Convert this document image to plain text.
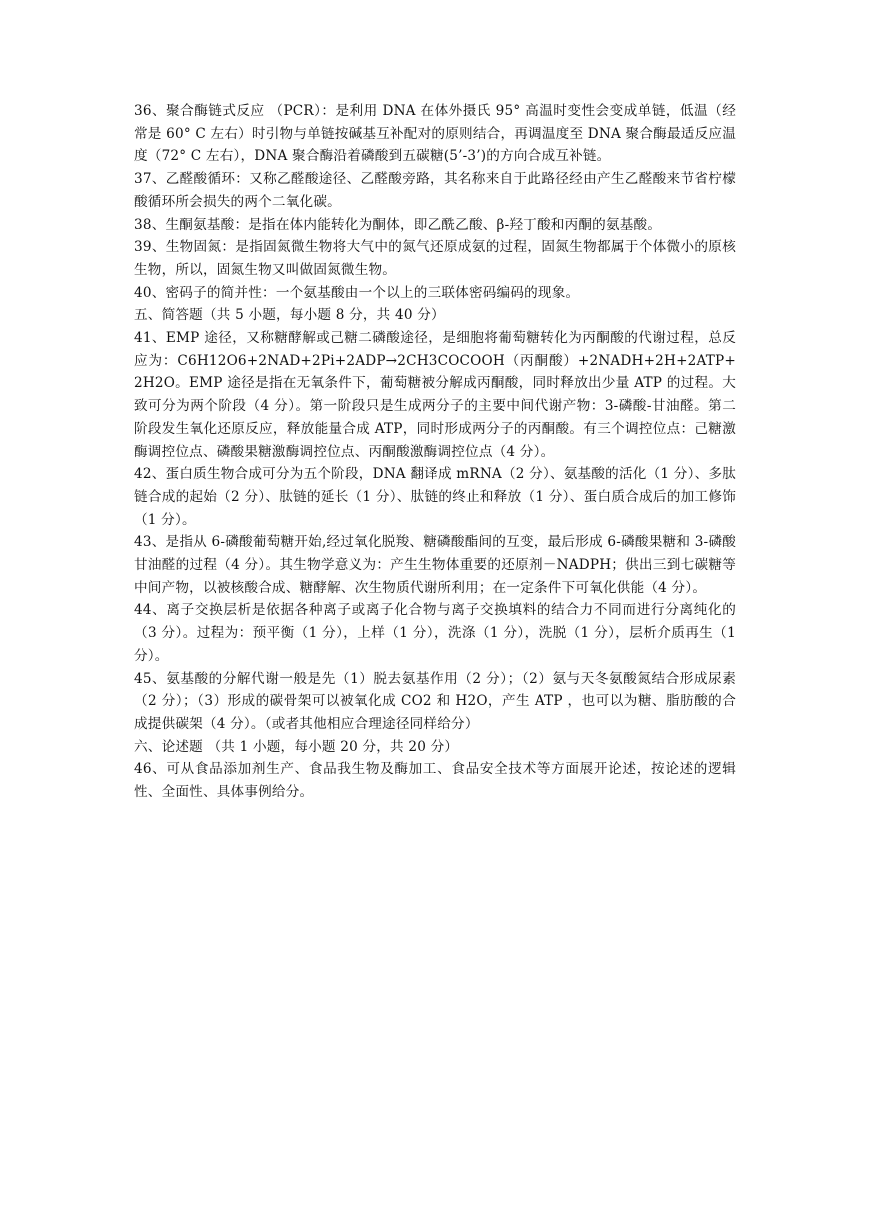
36、聚合酶链式反应 （PCR）：是利用 DNA 在体外摄氏 95° 高温时变性会变成单链，低温（经常是 60° C 左右）时引物与单链按碱基互补配对的原则结合，再调温度至 DNA 聚合酶最适反应温度（72° C 左右），DNA 聚合酶沿着磷酸到五碳糖(5’-3’)的方向合成互补链。

37、乙醛酸循环：又称乙醛酸途径、乙醛酸旁路，其名称来自于此路径经由产生乙醛酸来节省柠檬酸循环所会损失的两个二氧化碳。

38、生酮氨基酸：是指在体内能转化为酮体，即乙酰乙酸、β-羟丁酸和丙酮的氨基酸。

39、生物固氮：是指固氮微生物将大气中的氮气还原成氨的过程，固氮生物都属于个体微小的原核生物，所以，固氮生物又叫做固氮微生物。

40、密码子的简并性：一个氨基酸由一个以上的三联体密码编码的现象。

五、简答题（共 5 小题，每小题 8 分，共 40 分）

41、EMP 途径，又称糖酵解或己糖二磷酸途径，是细胞将葡萄糖转化为丙酮酸的代谢过程，总反应为：C6H12O6+2NAD+2Pi+2ADP→2CH3COCOOH（丙酮酸）+2NADH+2H+2ATP+2H2O。EMP 途径是指在无氧条件下，葡萄糖被分解成丙酮酸，同时释放出少量 ATP 的过程。大致可分为两个阶段（4 分）。第一阶段只是生成两分子的主要中间代谢产物：3-磷酸-甘油醛。第二阶段发生氧化还原反应，释放能量合成 ATP，同时形成两分子的丙酮酸。有三个调控位点：己糖激酶调控位点、磷酸果糖激酶调控位点、丙酮酸激酶调控位点（4 分）。

42、蛋白质生物合成可分为五个阶段，DNA 翻译成 mRNA（2 分）、氨基酸的活化（1 分）、多肽链合成的起始（2 分）、肽链的延长（1 分）、肽链的终止和释放（1 分）、蛋白质合成后的加工修饰（1 分）。

43、是指从 6-磷酸葡萄糖开始,经过氧化脱羧、糖磷酸酯间的互变，最后形成 6-磷酸果糖和 3-磷酸甘油醛的过程（4 分）。其生物学意义为：产生生物体重要的还原剂－NADPH；供出三到七碳糖等中间产物，以被核酸合成、糖酵解、次生物质代谢所利用；在一定条件下可氧化供能（4 分）。

44、离子交换层析是依据各种离子或离子化合物与离子交换填料的结合力不同而进行分离纯化的（3 分）。过程为：预平衡（1 分），上样（1 分），洗涤（1 分），洗脱（1 分），层析介质再生（1 分）。

45、氨基酸的分解代谢一般是先（1）脱去氨基作用（2 分）；（2）氨与天冬氨酸氮结合形成尿素（2 分）；（3）形成的碳骨架可以被氧化成 CO2 和 H2O，产生 ATP ，也可以为糖、脂肪酸的合成提供碳架（4 分）。（或者其他相应合理途径同样给分）

六、论述题 （共 1 小题，每小题 20 分，共 20 分）

46、可从食品添加剂生产、食品我生物及酶加工、食品安全技术等方面展开论述，按论述的逻辑性、全面性、具体事例给分。
